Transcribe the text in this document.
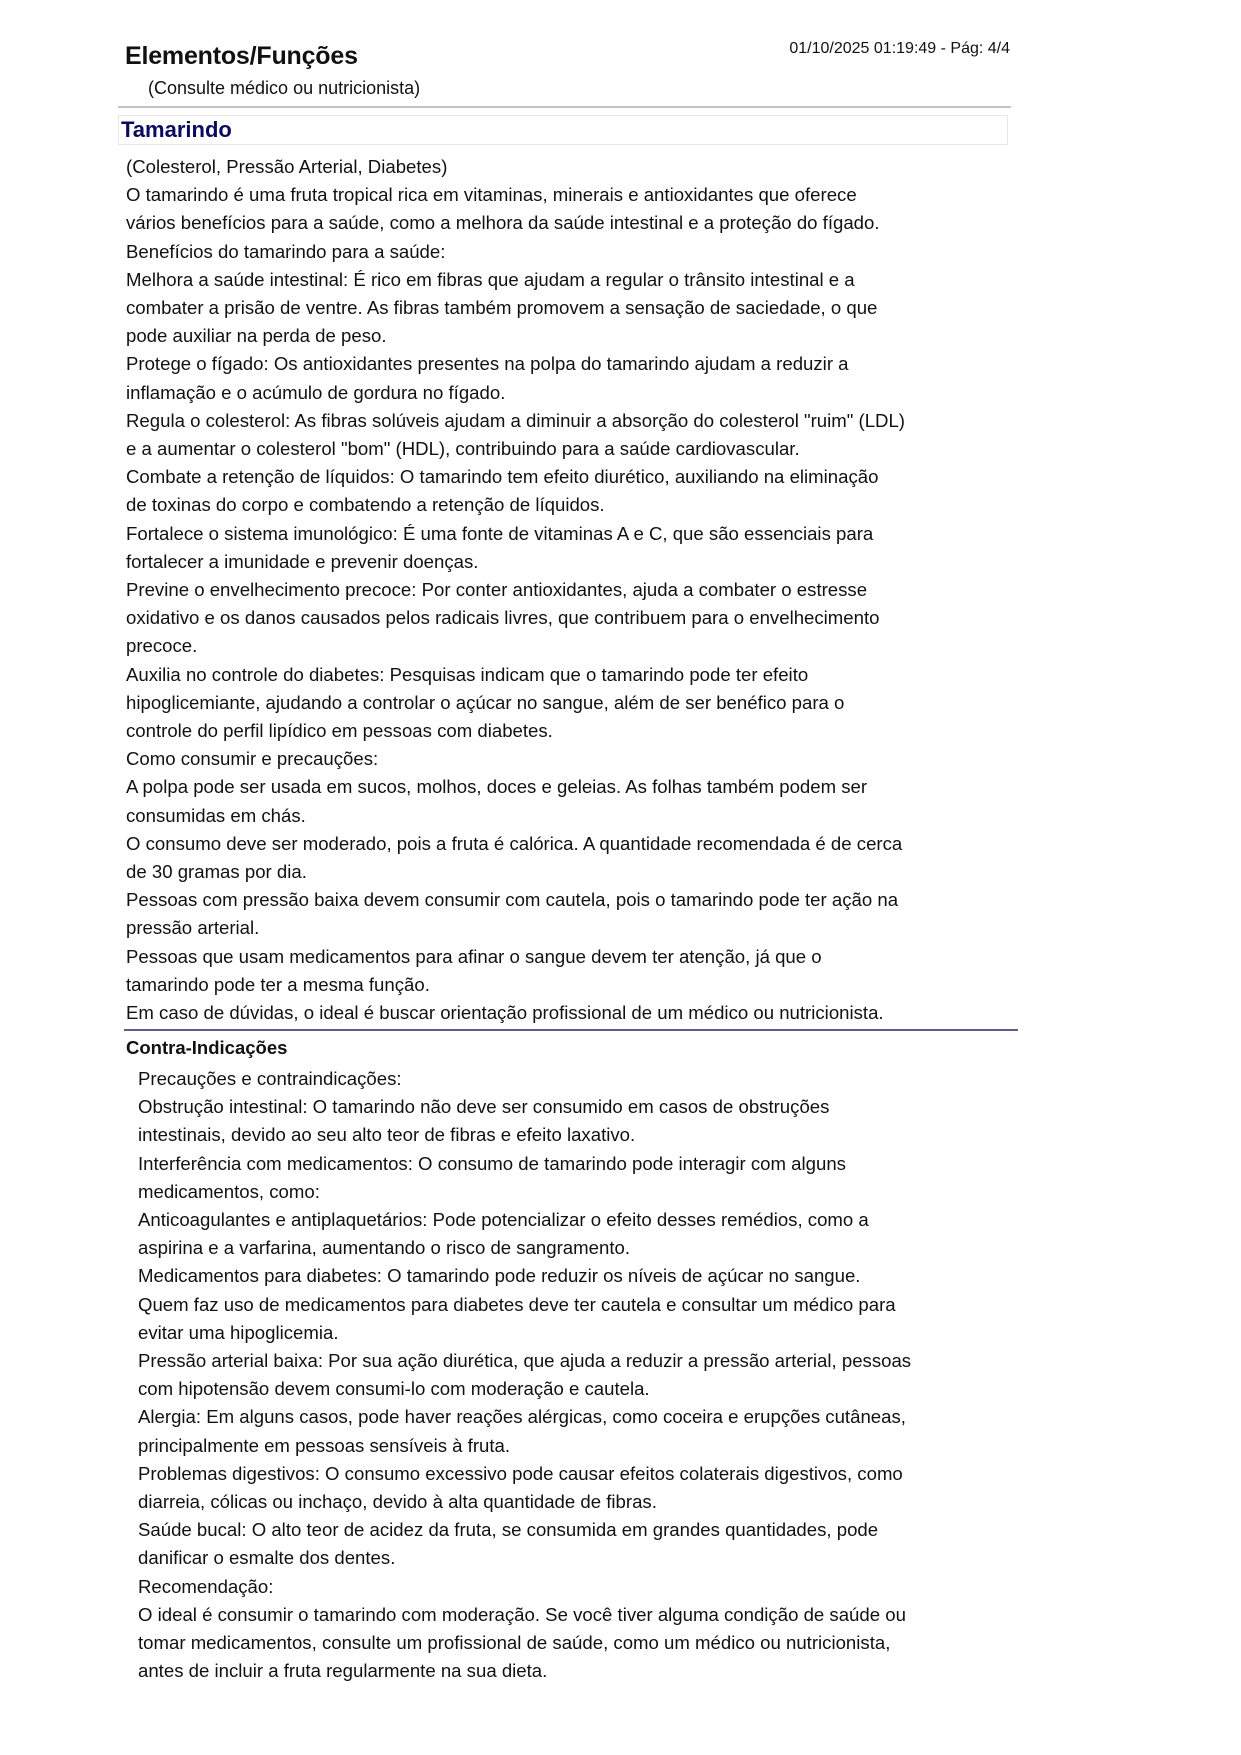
Elementos/Funções
(Consulte médico ou nutricionista)
01/10/2025 01:19:49 - Pág: 4/4
Tamarindo
(Colesterol, Pressão Arterial, Diabetes)
O tamarindo é uma fruta tropical rica em vitaminas, minerais e antioxidantes que oferece
vários benefícios para a saúde, como a melhora da saúde intestinal e a proteção do fígado.
Benefícios do tamarindo para a saúde:
Melhora a saúde intestinal: É rico em fibras que ajudam a regular o trânsito intestinal e a
combater a prisão de ventre. As fibras também promovem a sensação de saciedade, o que
pode auxiliar na perda de peso.
Protege o fígado: Os antioxidantes presentes na polpa do tamarindo ajudam a reduzir a
inflamação e o acúmulo de gordura no fígado.
Regula o colesterol: As fibras solúveis ajudam a diminuir a absorção do colesterol "ruim" (LDL)
e a aumentar o colesterol "bom" (HDL), contribuindo para a saúde cardiovascular.
Combate a retenção de líquidos: O tamarindo tem efeito diurético, auxiliando na eliminação
de toxinas do corpo e combatendo a retenção de líquidos.
Fortalece o sistema imunológico: É uma fonte de vitaminas A e C, que são essenciais para
fortalecer a imunidade e prevenir doenças.
Previne o envelhecimento precoce: Por conter antioxidantes, ajuda a combater o estresse
oxidativo e os danos causados pelos radicais livres, que contribuem para o envelhecimento
precoce.
Auxilia no controle do diabetes: Pesquisas indicam que o tamarindo pode ter efeito
hipoglicemiante, ajudando a controlar o açúcar no sangue, além de ser benéfico para o
controle do perfil lipídico em pessoas com diabetes.
Como consumir e precauções:
A polpa pode ser usada em sucos, molhos, doces e geleias. As folhas também podem ser
consumidas em chás.
O consumo deve ser moderado, pois a fruta é calórica. A quantidade recomendada é de cerca
de 30 gramas por dia.
Pessoas com pressão baixa devem consumir com cautela, pois o tamarindo pode ter ação na
pressão arterial.
Pessoas que usam medicamentos para afinar o sangue devem ter atenção, já que o
tamarindo pode ter a mesma função.
Em caso de dúvidas, o ideal é buscar orientação profissional de um médico ou nutricionista.
Contra-Indicações
Precauções e contraindicações:
Obstrução intestinal: O tamarindo não deve ser consumido em casos de obstruções
intestinais, devido ao seu alto teor de fibras e efeito laxativo.
Interferência com medicamentos: O consumo de tamarindo pode interagir com alguns
medicamentos, como:
Anticoagulantes e antiplaquetários: Pode potencializar o efeito desses remédios, como a
aspirina e a varfarina, aumentando o risco de sangramento.
Medicamentos para diabetes: O tamarindo pode reduzir os níveis de açúcar no sangue.
Quem faz uso de medicamentos para diabetes deve ter cautela e consultar um médico para
evitar uma hipoglicemia.
Pressão arterial baixa: Por sua ação diurética, que ajuda a reduzir a pressão arterial, pessoas
com hipotensão devem consumi-lo com moderação e cautela.
Alergia: Em alguns casos, pode haver reações alérgicas, como coceira e erupções cutâneas,
principalmente em pessoas sensíveis à fruta.
Problemas digestivos: O consumo excessivo pode causar efeitos colaterais digestivos, como
diarreia, cólicas ou inchaço, devido à alta quantidade de fibras.
Saúde bucal: O alto teor de acidez da fruta, se consumida em grandes quantidades, pode
danificar o esmalte dos dentes.
Recomendação:
O ideal é consumir o tamarindo com moderação. Se você tiver alguma condição de saúde ou
tomar medicamentos, consulte um profissional de saúde, como um médico ou nutricionista,
antes de incluir a fruta regularmente na sua dieta.
